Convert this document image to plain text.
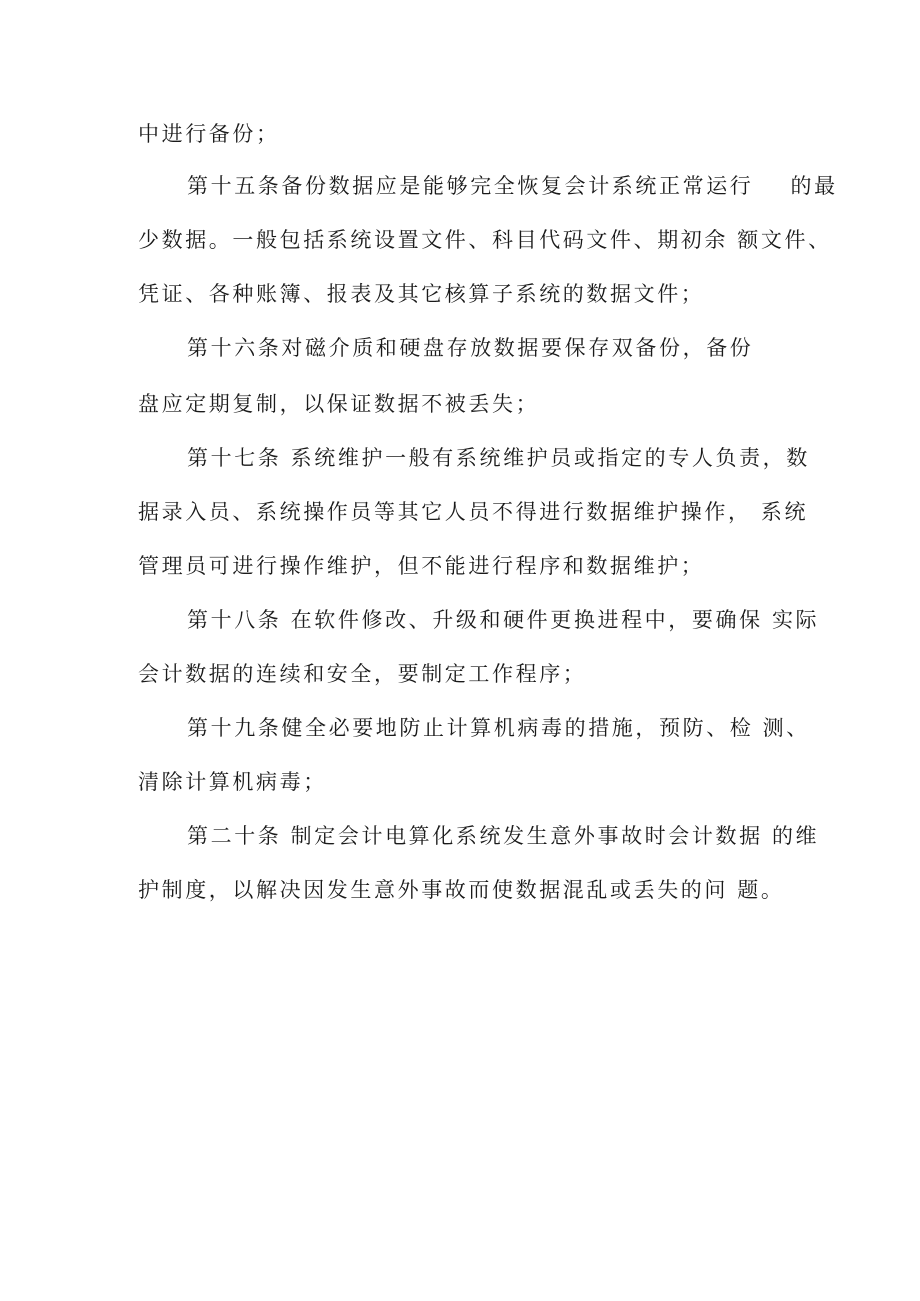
中进行备份；
第十五条备份数据应是能够完全恢复会计系统正常运行    的最
少数据。一般包括系统设置文件、科目代码文件、期初余 额文件、
凭证、各种账簿、报表及其它核算子系统的数据文件；
第十六条对磁介质和硬盘存放数据要保存双备份，备份
盘应定期复制，以保证数据不被丢失；
第十七条 系统维护一般有系统维护员或指定的专人负责，数
据录入员、系统操作员等其它人员不得进行数据维护操作， 系统
管理员可进行操作维护，但不能进行程序和数据维护；
第十八条 在软件修改、升级和硬件更换进程中，要确保 实际
会计数据的连续和安全，要制定工作程序；
第十九条健全必要地防止计算机病毒的措施，预防、检 测、
清除计算机病毒；
第二十条 制定会计电算化系统发生意外事故时会计数据 的维
护制度，以解决因发生意外事故而使数据混乱或丢失的问 题。
